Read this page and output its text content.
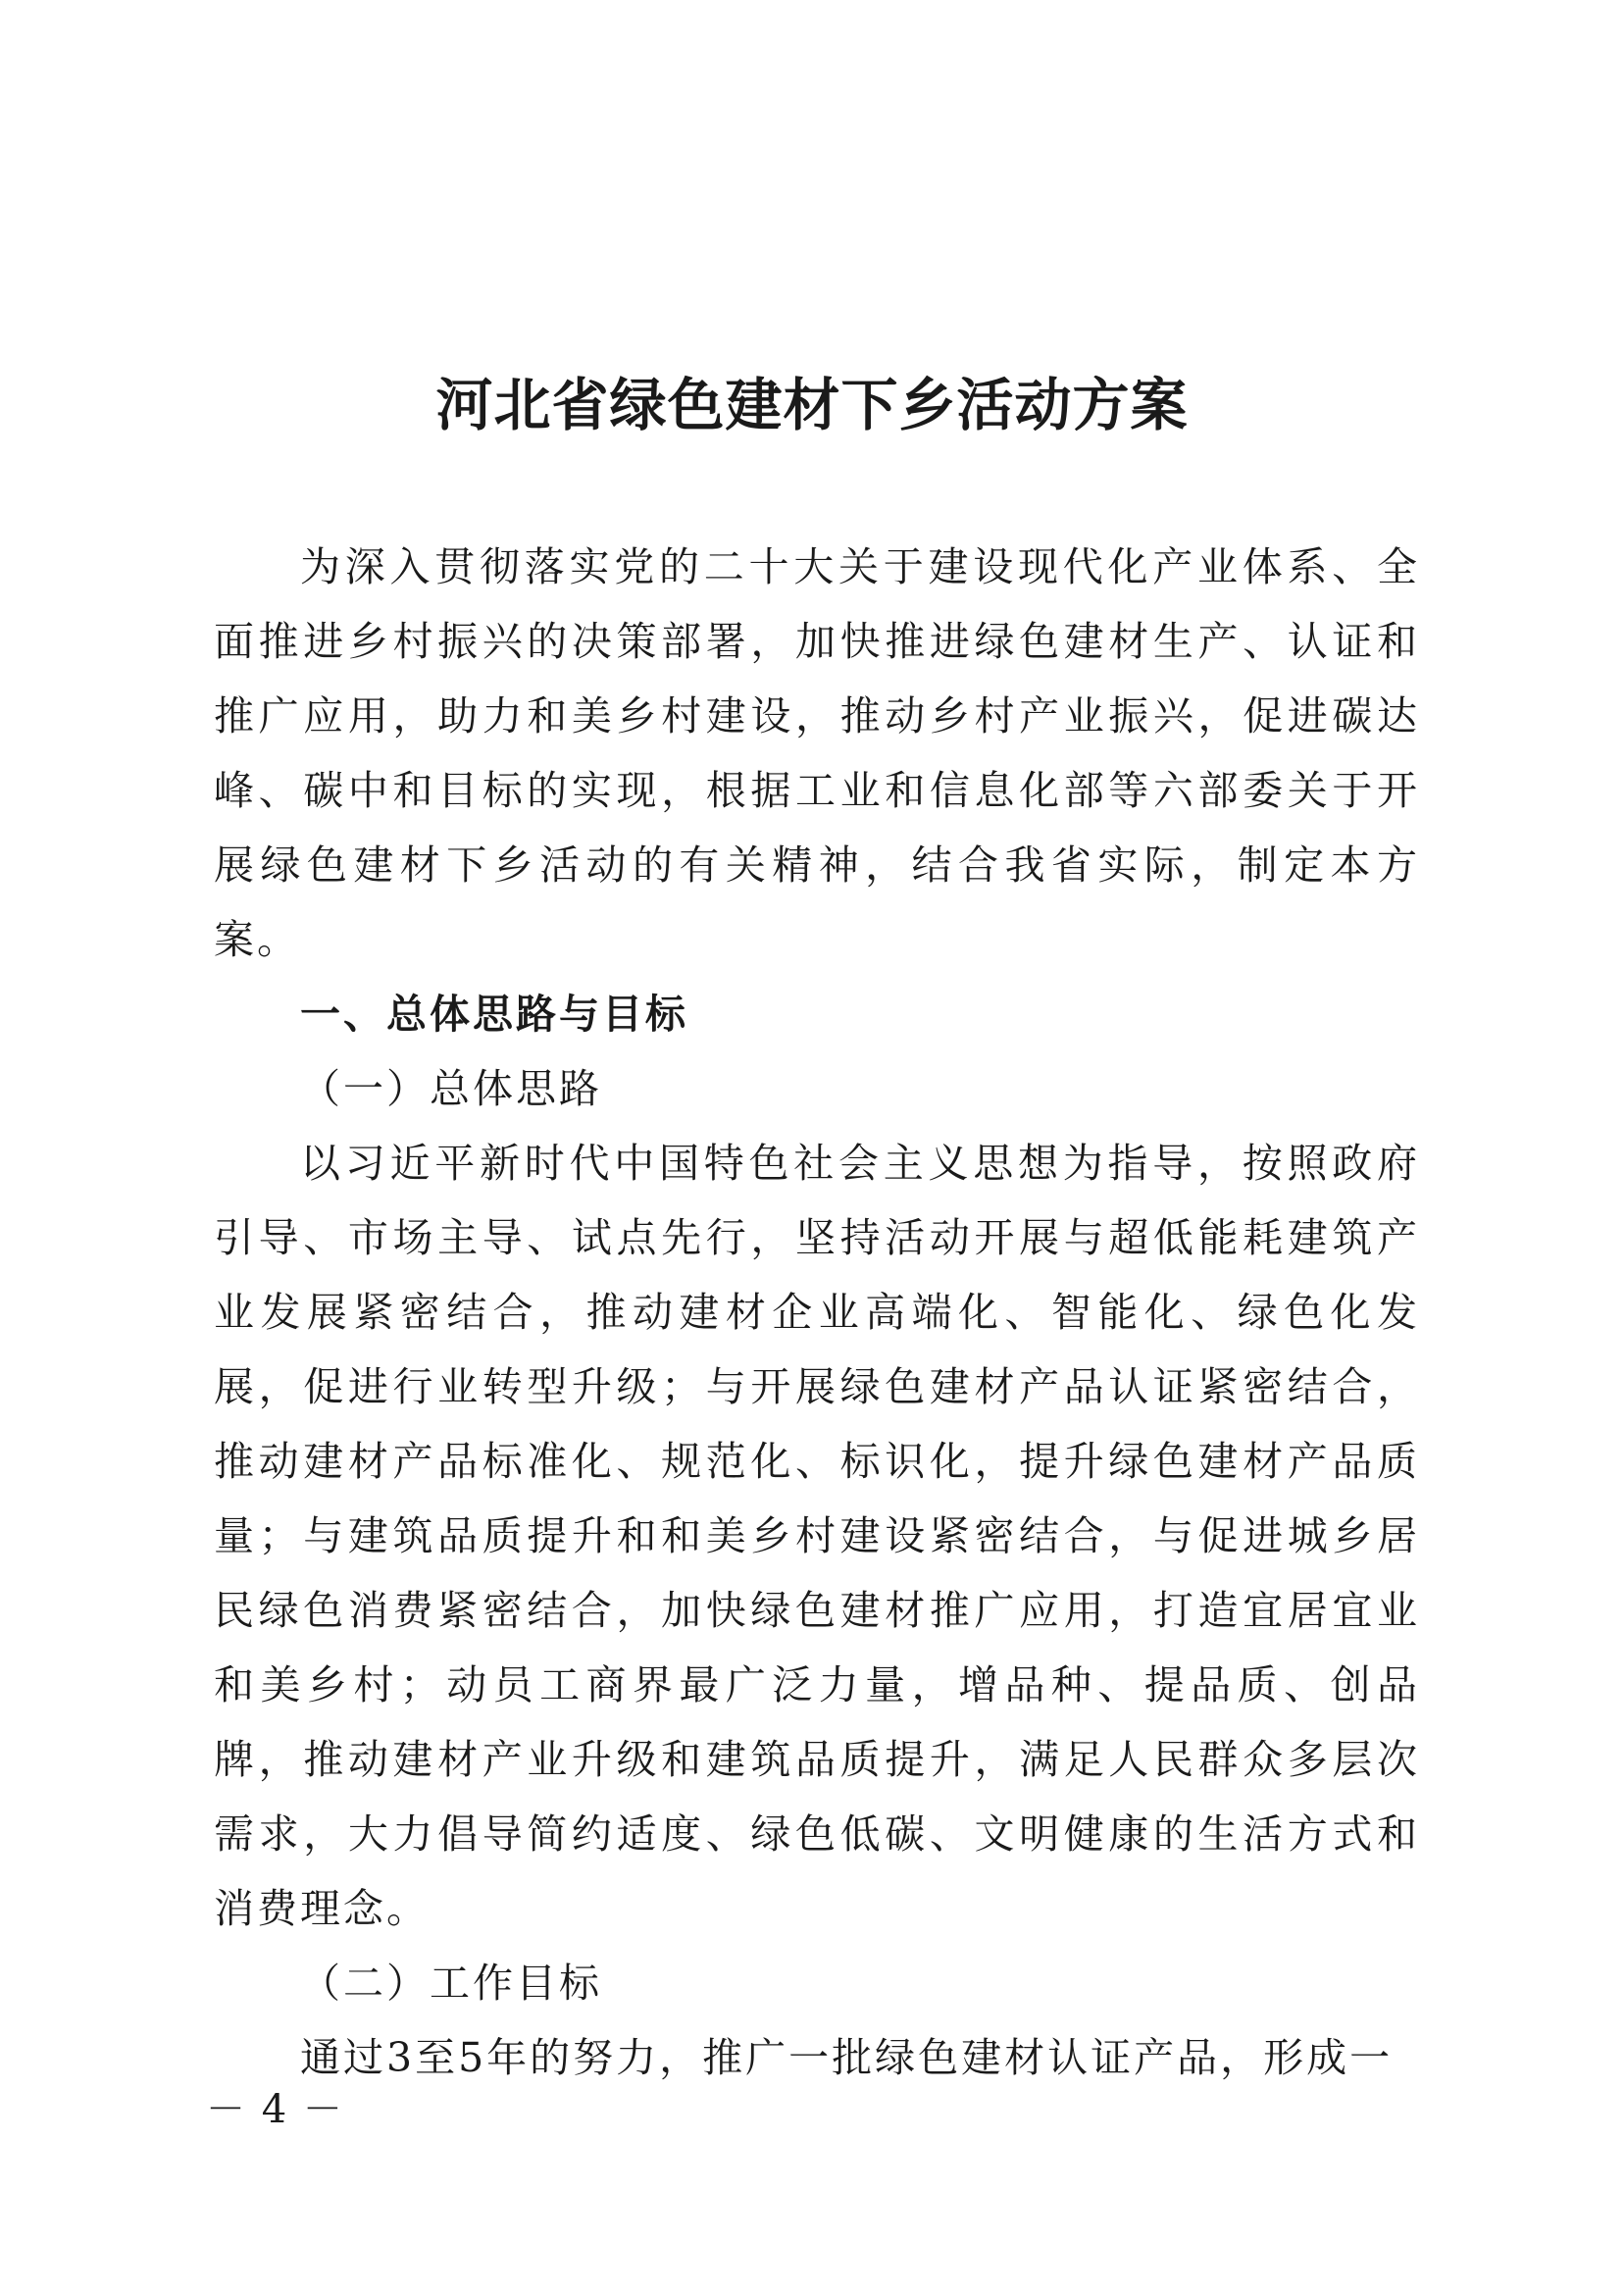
河北省绿色建材下乡活动方案

为深入贯彻落实党的二十大关于建设现代化产业体系、全面推进乡村振兴的决策部署，加快推进绿色建材生产、认证和推广应用，助力和美乡村建设，推动乡村产业振兴，促进碳达峰、碳中和目标的实现，根据工业和信息化部等六部委关于开展绿色建材下乡活动的有关精神，结合我省实际，制定本方案。

一、总体思路与目标

（一）总体思路

以习近平新时代中国特色社会主义思想为指导，按照政府引导、市场主导、试点先行，坚持活动开展与超低能耗建筑产业发展紧密结合，推动建材企业高端化、智能化、绿色化发展，促进行业转型升级；与开展绿色建材产品认证紧密结合，推动建材产品标准化、规范化、标识化，提升绿色建材产品质量；与建筑品质提升和和美乡村建设紧密结合，与促进城乡居民绿色消费紧密结合，加快绿色建材推广应用，打造宜居宜业和美乡村；动员工商界最广泛力量，增品种、提品质、创品牌，推动建材产业升级和建筑品质提升，满足人民群众多层次需求，大力倡导简约适度、绿色低碳、文明健康的生活方式和消费理念。

（二）工作目标

通过3至5年的努力，推广一批绿色建材认证产品，形成一

－ 4 －
